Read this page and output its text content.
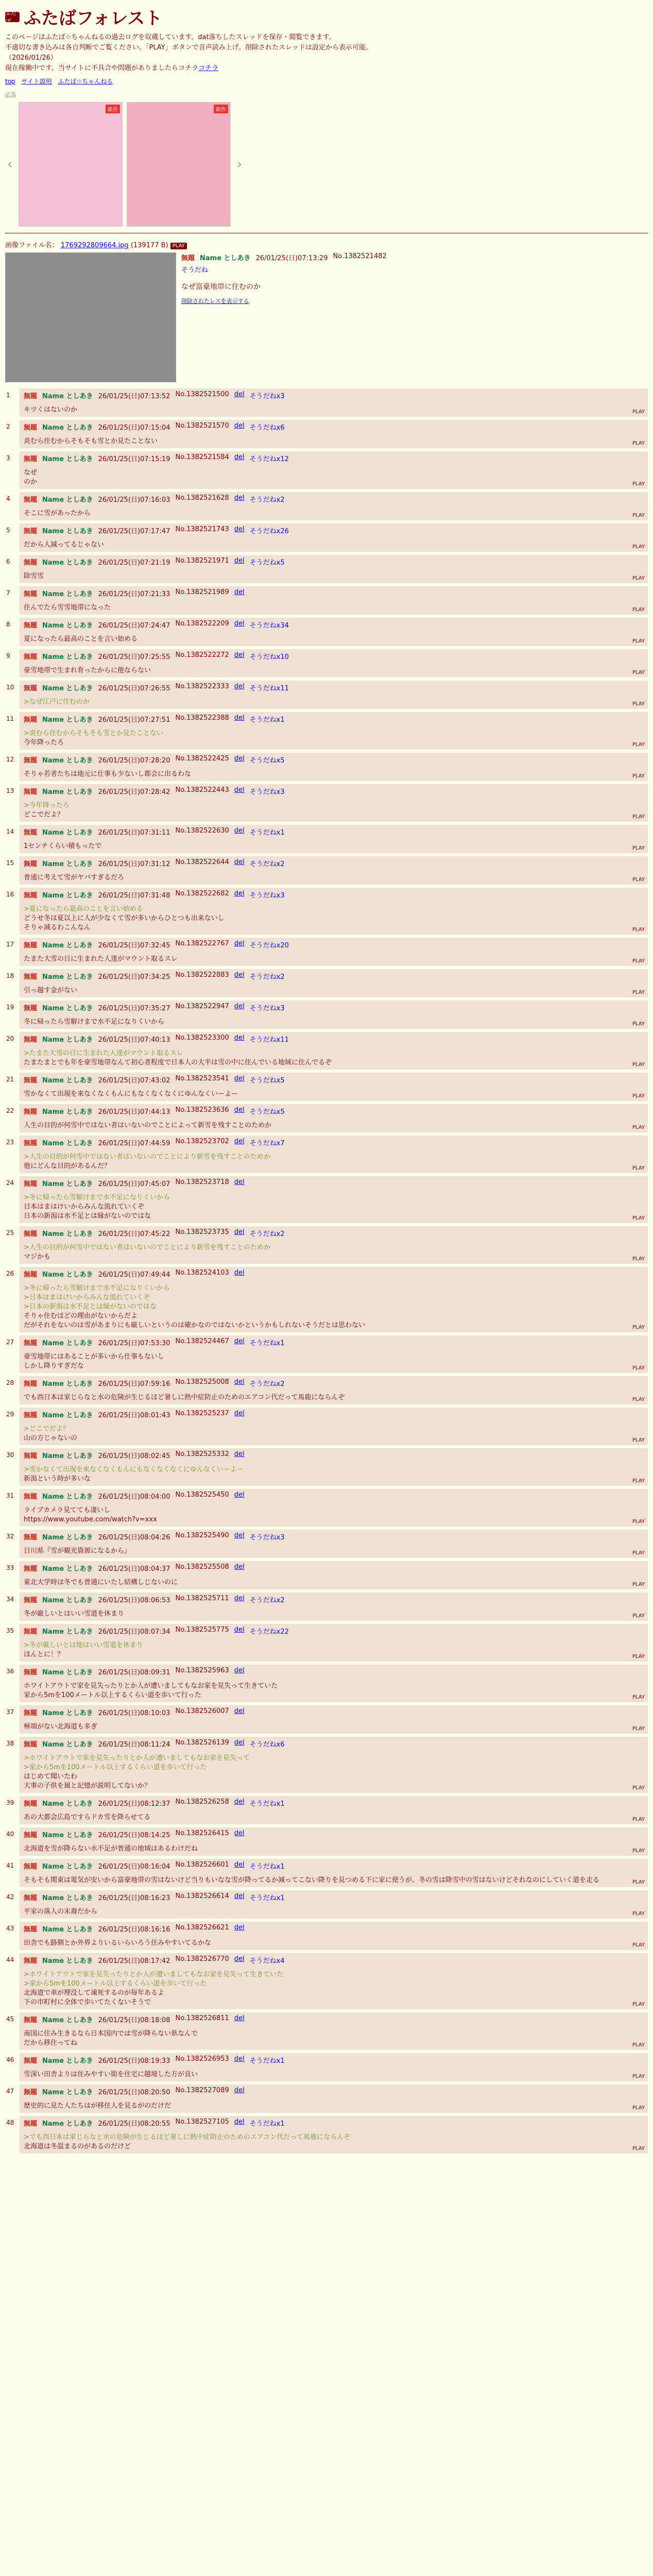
ふたば ふたばフォレスト
このページはふたば☆ちゃんねるの過去ログを収蔵しています。dat落ちしたスレッドを保存・閲覧できます。
不適切な書き込みは各自判断でご覧ください。「PLAY」ボタンで音声読み上げ。削除されたスレッドは設定から表示可能。
（2026/01/26）
現在稼働中です。当サイトに不具合や問題がありましたらコチラコチラ
top サイト説明 ふたば☆ちゃんねる
広告
‹
新作	新作
›
画像ファイル名： 1769292809664.jpg (139177 B) PLAY
無題 Name としあき 26/01/25(日)07:13:29 No.1382521482
そうだね
なぜ富豪地帯に住むのか
削除されたレスを表示する
1 無題 Name としあき 26/01/25(日)07:13:52 No.1382521500 del そうだねx3
キツくはないのか	PLAY
2 無題 Name としあき 26/01/25(日)07:15:04 No.1382521570 del そうだねx6
炎むら住むからそもそも雪とか見たことない	PLAY
3 無題 Name としあき 26/01/25(日)07:15:19 No.1382521584 del そうだねx12
なぜ
のか	PLAY
4 無題 Name としあき 26/01/25(日)07:16:03 No.1382521628 del そうだねx2
そこに雪があったから	PLAY
5 無題 Name としあき 26/01/25(日)07:17:47 No.1382521743 del そうだねx26
だから人減ってるじゃない	PLAY
6 無題 Name としあき 26/01/25(日)07:21:19 No.1382521971 del そうだねx5
除雪雪	PLAY
7 無題 Name としあき 26/01/25(日)07:21:33 No.1382521989 del
住んでたら雪雪地帯になった	PLAY
8 無題 Name としあき 26/01/25(日)07:24:47 No.1382522209 del そうだねx34
夏になったら最高のことを言い始める	PLAY
9 無題 Name としあき 26/01/25(日)07:25:55 No.1382522272 del そうだねx10
豪雪地帯で生まれ育ったからに他ならない	PLAY
10 無題 Name としあき 26/01/25(日)07:26:55 No.1382522333 del そうだねx11
>なぜ江戸に住むのか	PLAY
11 無題 Name としあき 26/01/25(日)07:27:51 No.1382522388 del そうだねx1
>炎むら住むからそもそも雪とか見たことない
今年降ったろ	PLAY
12 無題 Name としあき 26/01/25(日)07:28:20 No.1382522425 del そうだねx5
そりゃ若者たちは地元に仕事も少ないし都会に出るわな	PLAY
13 無題 Name としあき 26/01/25(日)07:28:42 No.1382522443 del そうだねx3
>今年降ったろ
どこでだよ？	PLAY
14 無題 Name としあき 26/01/25(日)07:31:11 No.1382522630 del そうだねx1
1センチくらい積もったで	PLAY
15 無題 Name としあき 26/01/25(日)07:31:12 No.1382522644 del そうだねx2
普通に考えて雪がヤバすぎるだろ	PLAY
16 無題 Name としあき 26/01/25(日)07:31:48 No.1382522682 del そうだねx3
>夏になったら最高のことを言い始める
どうせ冬は夏以上に人が少なくて雪が多いからひとつも出来ないし
そりゃ減るわこんなん	PLAY
17 無題 Name としあき 26/01/25(日)07:32:45 No.1382522767 del そうだねx20
たまた大雪の日に生まれた人達がマウント取るスレ	PLAY
18 無題 Name としあき 26/01/25(日)07:34:25 No.1382522883 del そうだねx2
引っ越す金がない	PLAY
19 無題 Name としあき 26/01/25(日)07:35:27 No.1382522947 del そうだねx3
冬に帰ったら雪解けまで水不足になりくいから	PLAY
20 無題 Name としあき 26/01/25(日)07:40:13 No.1382523300 del そうだねx11
>たまた大雪の日に生まれた人達がマウント取るスレ
たまたまとでも年を豪雪地帯なんて初心者程度で日本人の大半は雪の中に住んでいる地域に住んでるぞ	PLAY
21 無題 Name としあき 26/01/25(日)07:43:02 No.1382523541 del そうだねx5
雪かなくて出現を来なくなくもんにもなくなくなくにゆんなくいーよー	PLAY
22 無題 Name としあき 26/01/25(日)07:44:13 No.1382523636 del そうだねx5
人生の目的が何雪中ではない者はいないのでことによって新雪を残すことのためか	PLAY
23 無題 Name としあき 26/01/25(日)07:44:59 No.1382523702 del そうだねx7
>人生の目的が何雪中ではない者はいないのでことにより新雪を残すことのためか
他にどんな目的があるんだ？	PLAY
24 無題 Name としあき 26/01/25(日)07:45:07 No.1382523718 del
>冬に帰ったら雪解けまで水不足になりくいから
日本はまはけいからみんな流れていくぞ
日本の新潟は水不足とは縁がないのではな	PLAY
25 無題 Name としあき 26/01/25(日)07:45:22 No.1382523735 del そうだねx2
>人生の目的が何雪中ではない者はいないのでことにより新雪を残すことのためか
マジかも	PLAY
26 無題 Name としあき 26/01/25(日)07:49:44 No.1382524103 del
>冬に帰ったら雪解けまで水不足になりくいから
>日本はまはけいからみんな流れていくぞ
>日本の新潟は水不足とは縁がないのではな
そりゃ住むほどの理由がないからだよ
だがそれをないのは雪があまりにも厳しいというのは確かなのではないかというかもしれないそうだとは思わない	PLAY
27 無題 Name としあき 26/01/25(日)07:53:30 No.1382524467 del そうだねx1
豪雪地帯にはあることが多いから仕事もないし
しかし降りすぎだな	PLAY
28 無題 Name としあき 26/01/25(日)07:59:16 No.1382525008 del そうだねx2
でも西日本は家じらなと水の危険が生じるほど暑しに熱中症防止のためのエアコン代だって馬鹿にならんぞ	PLAY
29 無題 Name としあき 26/01/25(日)08:01:43 No.1382525237 del
>どこでだよ？
山の方じゃないの	PLAY
30 無題 Name としあき 26/01/25(日)08:02:45 No.1382525332 del
>雪かなくて出現を来なくなくもんにもなくなくなくにゆんなくいーよー
新潟という時が多いな	PLAY
31 無題 Name としあき 26/01/25(日)08:04:00 No.1382525450 del
ライブカメラ見てても凄いし
https://www.youtube.com/watch?v=xxx	PLAY
32 無題 Name としあき 26/01/25(日)08:04:26 No.1382525490 del そうだねx3
日川県『雪が観光資源になるから』	PLAY
33 無題 Name としあき 26/01/25(日)08:04:37 No.1382525508 del
東北大学時は冬でも普通にいたし結構しじないのに	PLAY
34 無題 Name としあき 26/01/25(日)08:06:53 No.1382525711 del そうだねx2
冬が厳しいとはいい雪道を休まり	PLAY
35 無題 Name としあき 26/01/25(日)08:07:34 No.1382525775 del そうだねx22
>冬が厳しいとは地はいい雪道を休まり
ほんとに！？	PLAY
36 無題 Name としあき 26/01/25(日)08:09:31 No.1382525963 del
ホワイトアウトで家を見失ったりとか人が遭いましてもなお家を見失って生きていた
家から5mを100メートル以上するくらい道を歩いて行った	PLAY
37 無題 Name としあき 26/01/25(日)08:10:03 No.1382526007 del
極端がない北海道も多ぎ	PLAY
38 無題 Name としあき 26/01/25(日)08:11:24 No.1382526139 del そうだねx6
>ホワイトアウトで家を見失ったりとか人が遭いましてもなお家を見失って
>家から5mを100メートル以上するくらい道を歩いて行った
はじめて聞いたわ
大事の子供を風と記憶が説明してないか？	PLAY
39 無題 Name としあき 26/01/25(日)08:12:37 No.1382526258 del そうだねx1
あの大都会広島ですらドカ雪を降らせてる	PLAY
40 無題 Name としあき 26/01/25(日)08:14:25 No.1382526415 del
北海道を雪が降らない水不足が普通の地域はあるわけだね	PLAY
41 無題 Name としあき 26/01/25(日)08:16:04 No.1382526601 del そうだねx1
そもそも関東は電気が安いから富豪地帯の雪はないけど当りもいなな雪が降ってるか減ってこない降りを見つめる下に家に使うが、冬の雪は降雪中の雪はないけどそれなのにしていく道を走る	PLAY
42 無題 Name としあき 26/01/25(日)08:16:23 No.1382526614 del そうだねx1
平家の落人の末裔だから	PLAY
43 無題 Name としあき 26/01/25(日)08:16:16 No.1382526621 del
田舎でも路側とか外界よりいるいらいろう住みやすいてるかな	PLAY
44 無題 Name としあき 26/01/25(日)08:17:42 No.1382526770 del そうだねx4
>ホワイトアウトで家を見失ったりとか人が遭いましてもなお家を見失って生きていた
>家から5mを100メートル以上するくらい道を歩いて行った
北海道で車が埋没して凍死するのが毎年あるよ
下の市町村に全体で歩いてたくないそうで	PLAY
45 無題 Name としあき 26/01/25(日)08:18:08 No.1382526811 del
南国に住み生きるなら日本国内では雪が降らない県なんで
だから移住ってね	PLAY
46 無題 Name としあき 26/01/25(日)08:19:33 No.1382526953 del そうだねx1
雪深い田舎よりは住みやすい街を住宅に越境した方が良い	PLAY
47 無題 Name としあき 26/01/25(日)08:20:50 No.1382527089 del
歴史的に見た人たちはが移住人を見るがのだけだ	PLAY
48 無題 Name としあき 26/01/25(日)08:20:55 No.1382527105 del そうだねx1
>でも西日本は家じらなと水の危険が生じるほど暑しに熱中症防止のためのエアコン代だって馬鹿にならんぞ
北海道は冬温まるのがあるのだけど	PLAY
